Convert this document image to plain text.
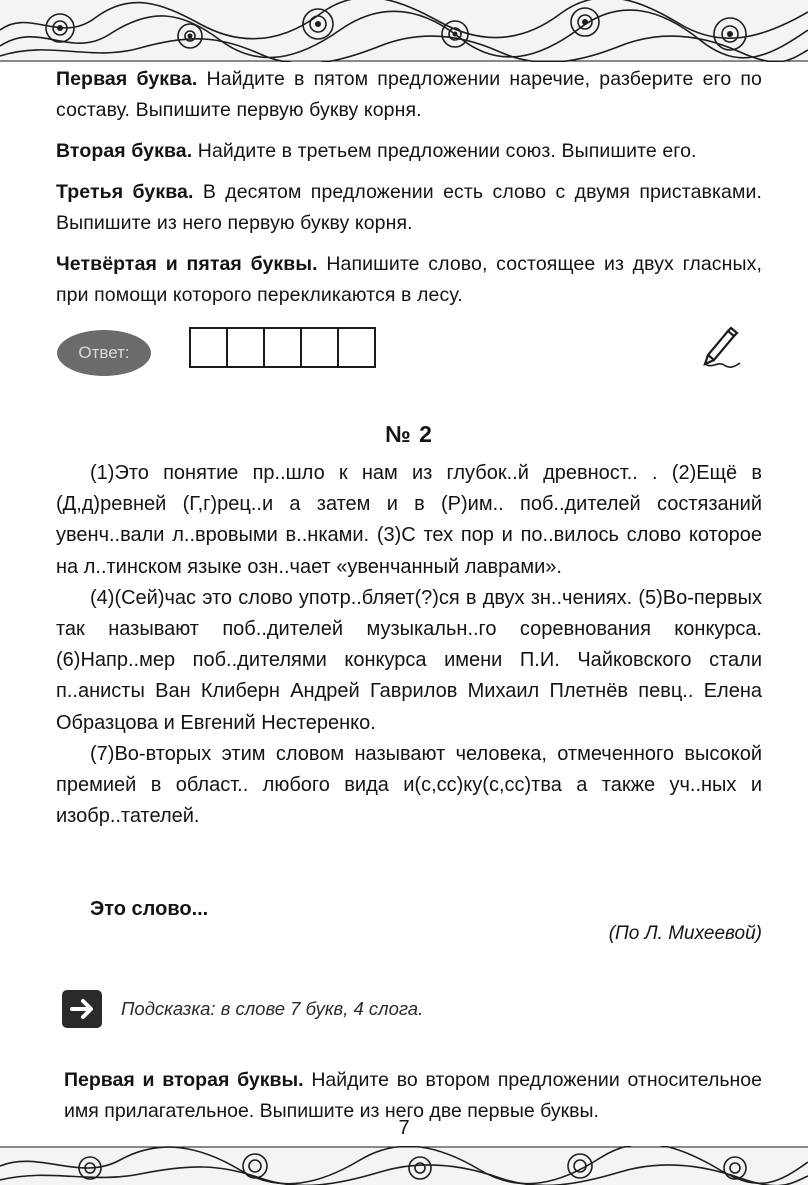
Первая буква. Найдите в пятом предложении наречие, разберите его по составу. Выпишите первую букву корня.

Вторая буква. Найдите в третьем предложении союз. Выпишите его.

Третья буква. В десятом предложении есть слово с двумя приставками. Выпишите из него первую букву корня.

Четвёртая и пятая буквы. Напишите слово, состоящее из двух гласных, при помощи которого перекликаются в лесу.

Ответ:
№ 2

(1)Это понятие пр..шло к нам из глубок..й древност.. . (2)Ещё в (Д,д)ревней (Г,г)рец..и а затем и в (Р)им.. поб..дителей состязаний увенч..вали л..вровыми в..нками. (3)С тех пор и по..вилось слово которое на л..тинском языке озн..чает «увенчанный лаврами».

(4)(Сей)час это слово употр..бляет(?)ся в двух зн..чениях. (5)Во-первых так называют поб..дителей музыкальн..го соревнования конкурса. (6)Напр..мер поб..дителями конкурса имени П.И. Чайковского стали п..анисты Ван Клиберн Андрей Гаврилов Михаил Плетнёв певц.. Елена Образцова и Евгений Нестеренко.

(7)Во-вторых этим словом называют человека, отмеченного высокой премией в област.. любого вида и(с,сс)ку(с,сс)тва а также уч..ных и изобр..тателей.

Это слово...
(По Л. Михеевой)
Подсказка: в слове 7 букв, 4 слога.

Первая и вторая буквы. Найдите во втором предложении относительное имя прилагательное. Выпишите из него две первые буквы.

7
